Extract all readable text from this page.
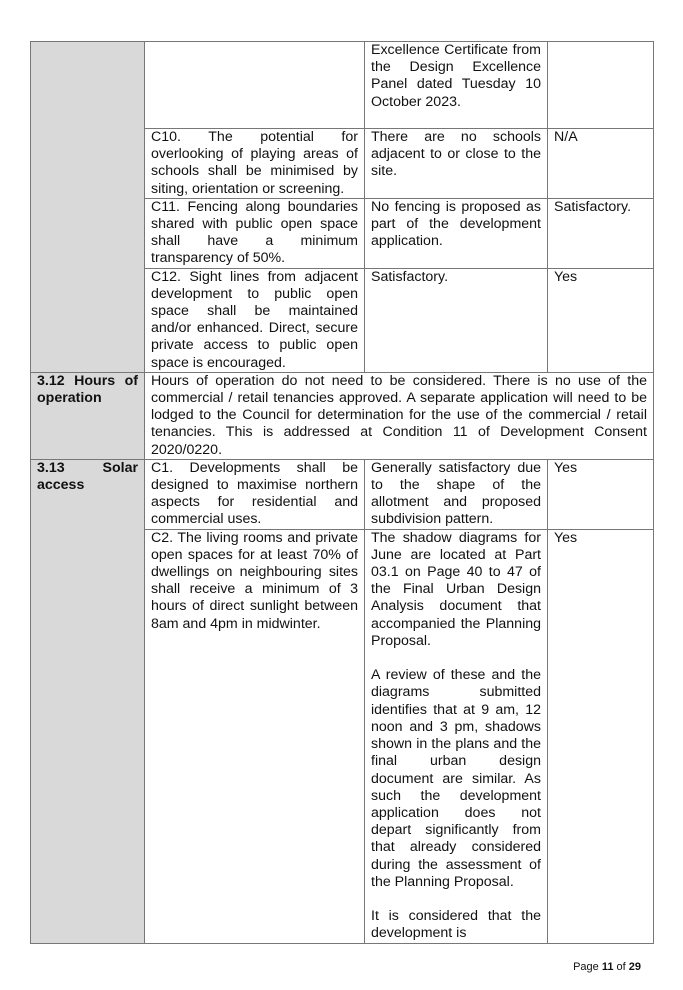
		Excellence Certificate from the Design Excellence Panel dated Tuesday 10 October 2023.	
	C10. The potential for overlooking of playing areas of schools shall be minimised by siting, orientation or screening.	There are no schools adjacent to or close to the site.	N/A
	C11. Fencing along boundaries shared with public open space shall have a minimum transparency of 50%.	No fencing is proposed as part of the development application.	Satisfactory.
	C12. Sight lines from adjacent development to public open space shall be maintained and/or enhanced. Direct, secure private access to public open space is encouraged.	Satisfactory.	Yes
3.12 Hours of operation	Hours of operation do not need to be considered. There is no use of the commercial / retail tenancies approved. A separate application will need to be lodged to the Council for determination for the use of the commercial / retail tenancies. This is addressed at Condition 11 of Development Consent 2020/0220.		
3.13 Solar access	C1. Developments shall be designed to maximise northern aspects for residential and commercial uses.	Generally satisfactory due to the shape of the allotment and proposed subdivision pattern.	Yes
	C2. The living rooms and private open spaces for at least 70% of dwellings on neighbouring sites shall receive a minimum of 3 hours of direct sunlight between 8am and 4pm in midwinter.	The shadow diagrams for June are located at Part 03.1 on Page 40 to 47 of the Final Urban Design Analysis document that accompanied the Planning Proposal.

A review of these and the diagrams submitted identifies that at 9 am, 12 noon and 3 pm, shadows shown in the plans and the final urban design document are similar. As such the development application does not depart significantly from that already considered during the assessment of the Planning Proposal.

It is considered that the development is	Yes
Page 11 of 29
